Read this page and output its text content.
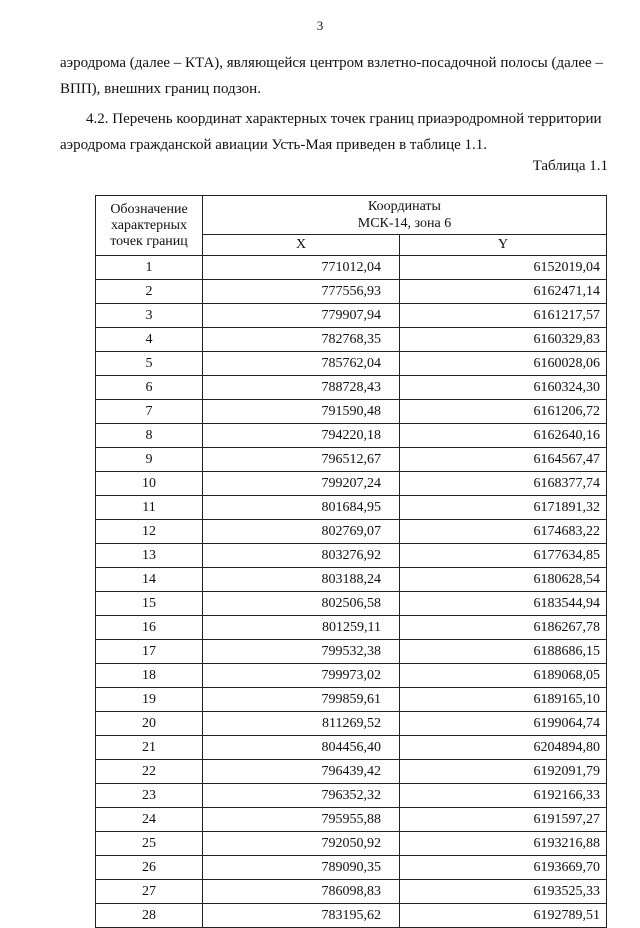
3
аэродрома (далее – КТА), являющейся центром взлетно-посадочной полосы (далее – ВПП), внешних границ подзон.
4.2. Перечень координат характерных точек границ приаэродромной территории аэродрома гражданской авиации Усть-Мая приведен в таблице 1.1.
Таблица 1.1
Обозначение характерных точек границ	Координаты
МСК-14, зона 6	

	X	Y
1	771012,04	6152019,04
2	777556,93	6162471,14
3	779907,94	6161217,57
4	782768,35	6160329,83
5	785762,04	6160028,06
6	788728,43	6160324,30
7	791590,48	6161206,72
8	794220,18	6162640,16
9	796512,67	6164567,47
10	799207,24	6168377,74
11	801684,95	6171891,32
12	802769,07	6174683,22
13	803276,92	6177634,85
14	803188,24	6180628,54
15	802506,58	6183544,94
16	801259,11	6186267,78
17	799532,38	6188686,15
18	799973,02	6189068,05
19	799859,61	6189165,10
20	811269,52	6199064,74
21	804456,40	6204894,80
22	796439,42	6192091,79
23	796352,32	6192166,33
24	795955,88	6191597,27
25	792050,92	6193216,88
26	789090,35	6193669,70
27	786098,83	6193525,33
28	783195,62	6192789,51
